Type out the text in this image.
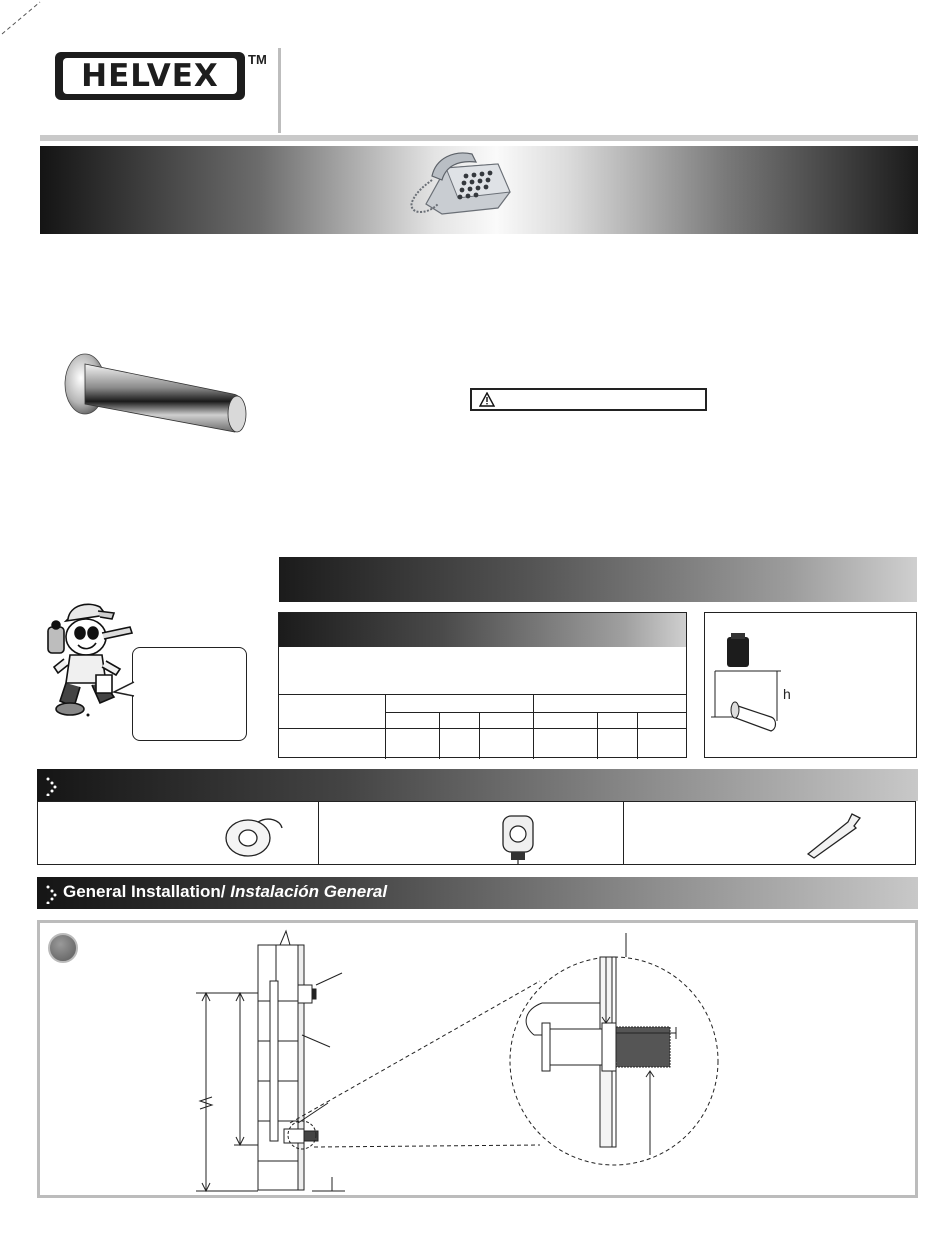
HELVEX TM
h
General Installation/ Instalación General
